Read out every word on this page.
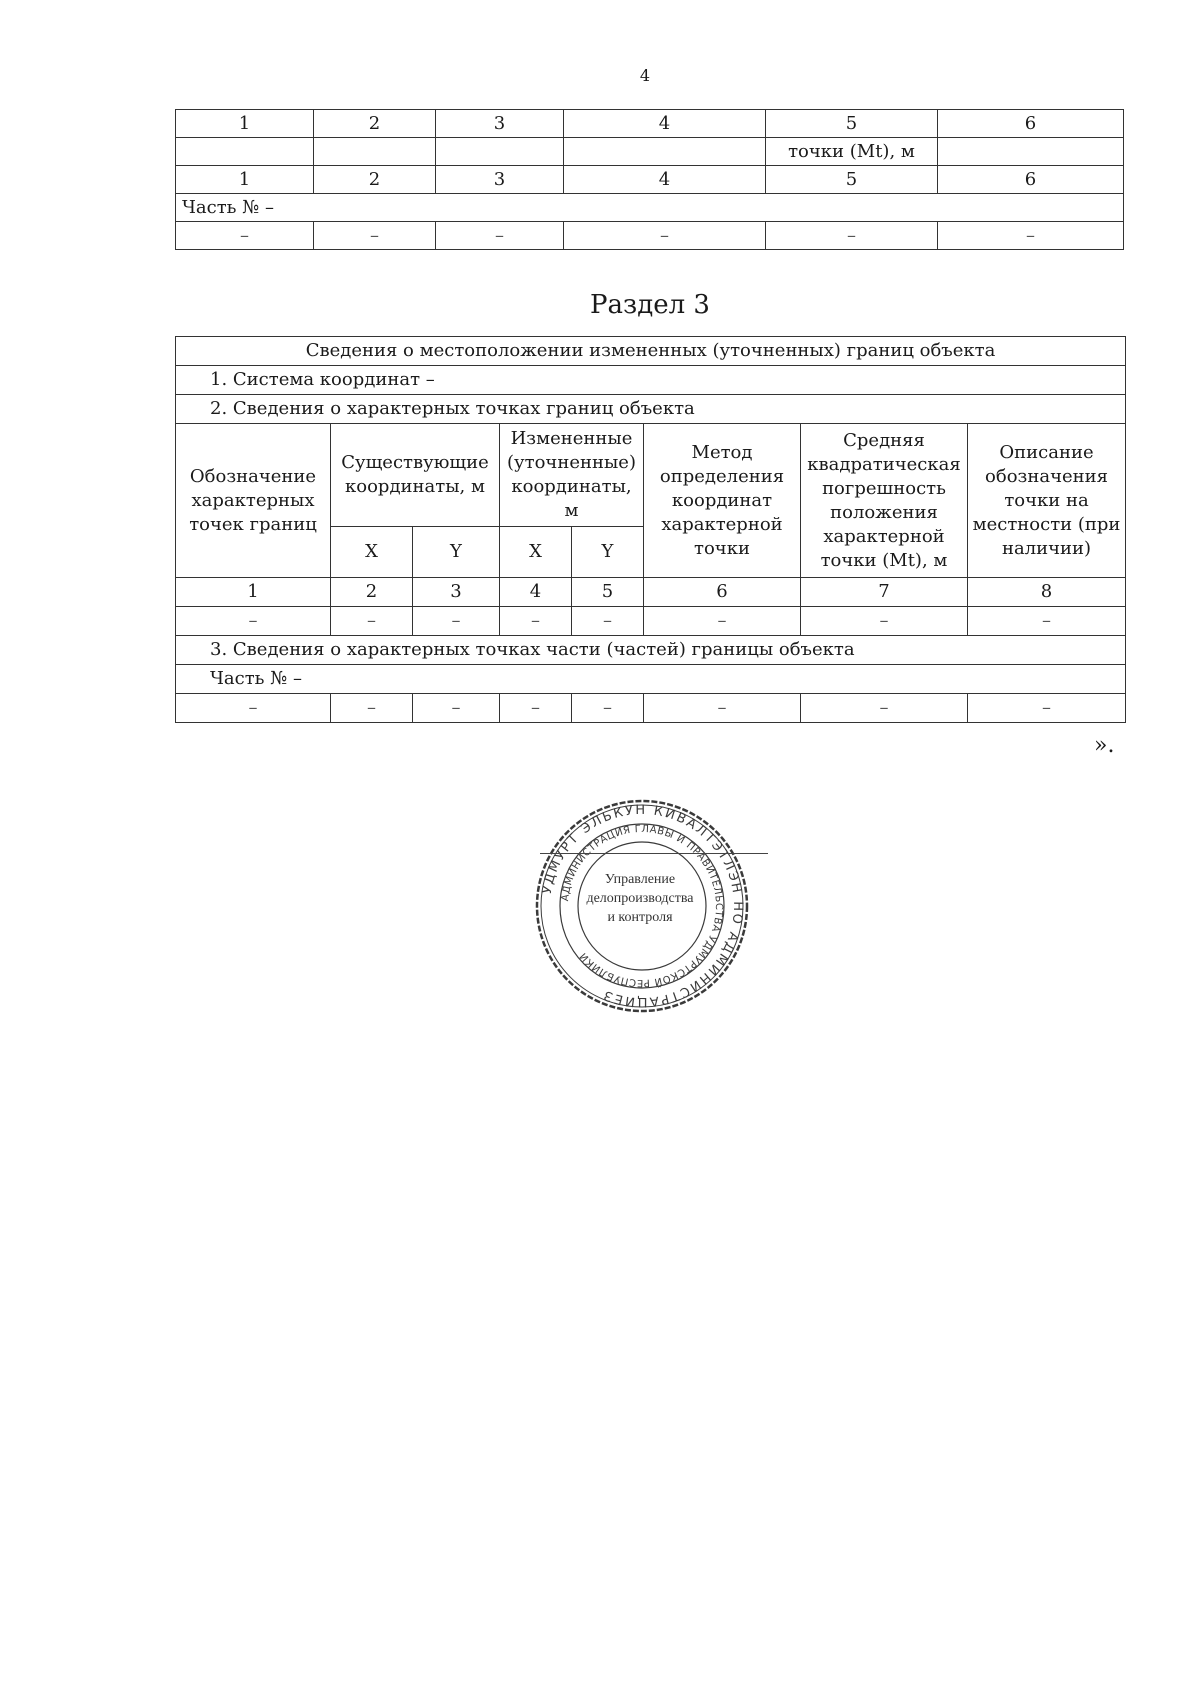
4
1	2	3	4	5	6
				точки (Mt), м	
1	2	3	4	5	6
Часть № –					
–	–	–	–	–	–
Раздел 3
Сведения о местоположении измененных (уточненных) границ объекта							
1. Система координат –							
2. Сведения о характерных точках границ объекта							
Обозначение характерных точек границ	Существующие координаты, м		Измененные (уточненные) координаты, м		Метод определения координат характерной точки	Средняя квадратическая погрешность положения характерной точки (Mt), м	Описание обозначения точки на местности (при наличии)
	X	Y	X	Y			
1	2	3	4	5	6	7	8
–	–	–	–	–	–	–	–
3. Сведения о характерных точках части (частей) границы объекта							
Часть № –							
–	–	–	–	–	–	–	–
».
УДМУРТ ЭЛЬКУН КИВАЛТЭТЛЭН НО АДМИНИСТРАЦИЕЗ
АДМИНИСТРАЦИЯ ГЛАВЫ И ПРАВИТЕЛЬСТВА УДМУРТСКОЙ РЕСПУБЛИКИ
Управление
делопроизводства
и контроля
